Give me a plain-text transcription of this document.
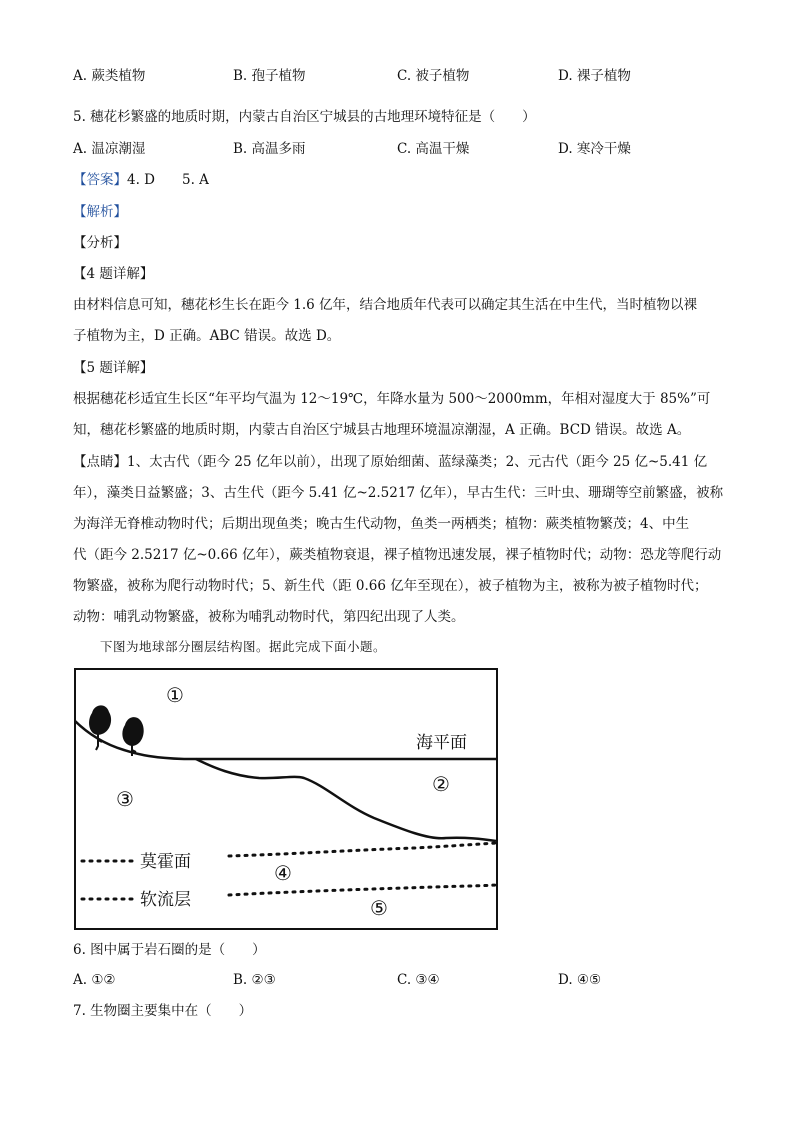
A. 蕨类植物	B. 孢子植物	C. 被子植物	D. 裸子植物
5. 穗花杉繁盛的地质时期，内蒙古自治区宁城县的古地理环境特征是（　　）
A. 温凉潮湿	B. 高温多雨	C. 高温干燥	D. 寒冷干燥
【答案】4. D　　5. A
【解析】
【分析】
【4 题详解】
由材料信息可知，穗花杉生长在距今 1.6 亿年，结合地质年代表可以确定其生活在中生代，当时植物以裸
子植物为主，D 正确。ABC 错误。故选 D。
【5 题详解】
根据穗花杉适宜生长区“年平均气温为 12～19℃，年降水量为 500～2000mm，年相对湿度大于 85%”可
知，穗花杉繁盛的地质时期，内蒙古自治区宁城县古地理环境温凉潮湿，A 正确。BCD 错误。故选 A。
【点睛】1、太古代（距今 25 亿年以前），出现了原始细菌、蓝绿藻类；2、元古代（距今 25 亿~5.41 亿
年），藻类日益繁盛；3、古生代（距今 5.41 亿~2.5217 亿年），早古生代：三叶虫、珊瑚等空前繁盛，被称
为海洋无脊椎动物时代；后期出现鱼类；晚古生代动物，鱼类一两栖类；植物：蕨类植物繁茂；4、中生
代（距今 2.5217 亿~0.66 亿年），蕨类植物衰退，裸子植物迅速发展，裸子植物时代；动物：恐龙等爬行动
物繁盛，被称为爬行动物时代；5、新生代（距 0.66 亿年至现在），被子植物为主，被称为被子植物时代；
动物：哺乳动物繁盛，被称为哺乳动物时代，第四纪出现了人类。
下图为地球部分圈层结构图。据此完成下面小题。
海平面
莫霍面
软流层
①
②
③
④
⑤
6. 图中属于岩石圈的是（　　）
A. ①②	B. ②③	C. ③④	D. ④⑤
7. 生物圈主要集中在（　　）
